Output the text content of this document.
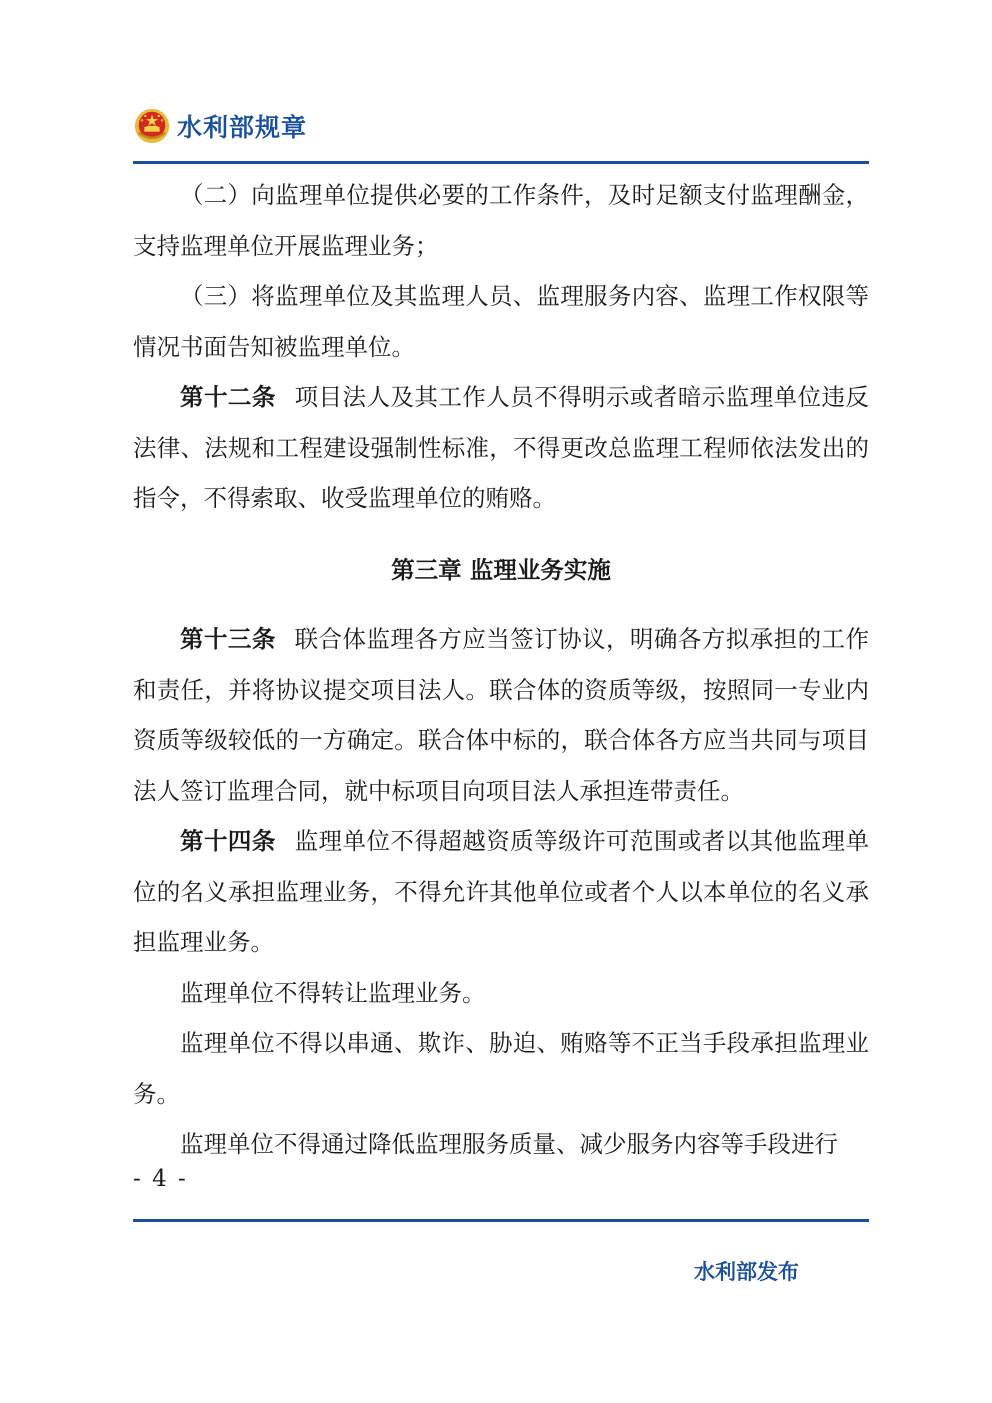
水利部规章

（二）向监理单位提供必要的工作条件，及时足额支付监理酬金，支持监理单位开展监理业务；

（三）将监理单位及其监理人员、监理服务内容、监理工作权限等情况书面告知被监理单位。

第十二条 项目法人及其工作人员不得明示或者暗示监理单位违反法律、法规和工程建设强制性标准，不得更改总监理工程师依法发出的指令，不得索取、收受监理单位的贿赂。

第三章 监理业务实施

第十三条 联合体监理各方应当签订协议，明确各方拟承担的工作和责任，并将协议提交项目法人。联合体的资质等级，按照同一专业内资质等级较低的一方确定。联合体中标的，联合体各方应当共同与项目法人签订监理合同，就中标项目向项目法人承担连带责任。

第十四条 监理单位不得超越资质等级许可范围或者以其他监理单位的名义承担监理业务，不得允许其他单位或者个人以本单位的名义承担监理业务。

监理单位不得转让监理业务。

监理单位不得以串通、欺诈、胁迫、贿赂等不正当手段承担监理业务。

监理单位不得通过降低监理服务质量、减少服务内容等手段进行

- 4 -
水利部发布
